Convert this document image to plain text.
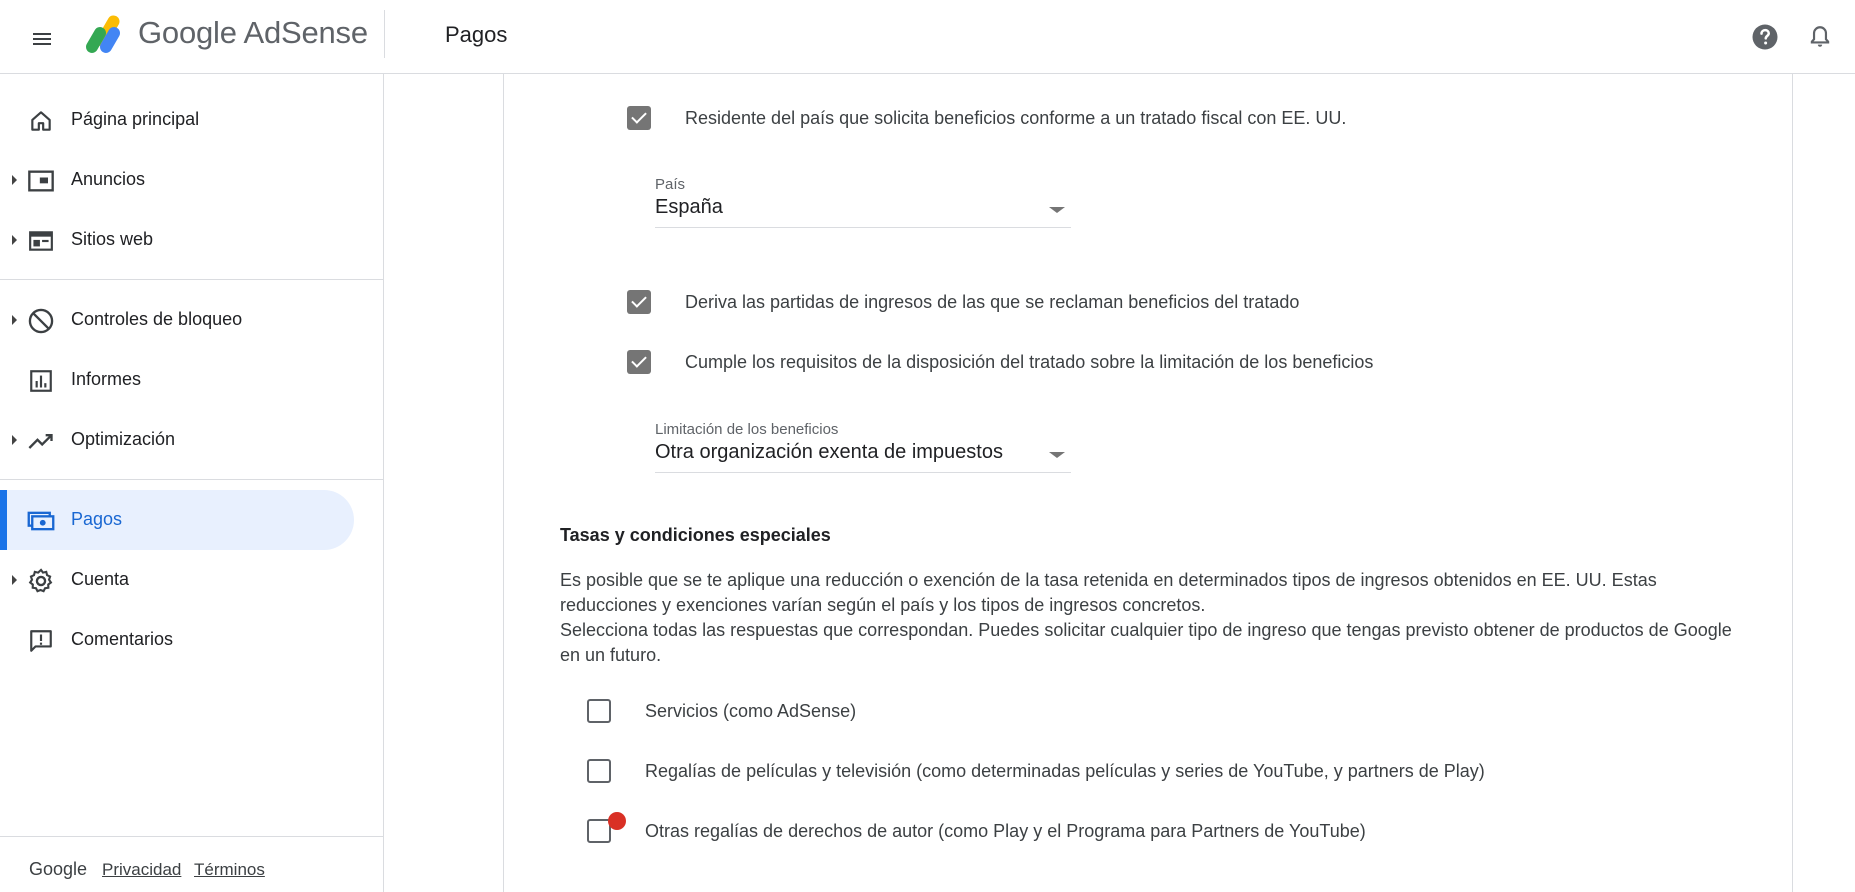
Google AdSense	Pagos
Página principal
Anuncios
Sitios web
Controles de bloqueo
Informes
Optimización
Pagos
Cuenta
Comentarios
Google Privacidad Términos
Residente del país que solicita beneficios conforme a un tratado fiscal con EE. UU.
País
España
Deriva las partidas de ingresos de las que se reclaman beneficios del tratado
Cumple los requisitos de la disposición del tratado sobre la limitación de los beneficios
Limitación de los beneficios
Otra organización exenta de impuestos
Tasas y condiciones especiales
Es posible que se te aplique una reducción o exención de la tasa retenida en determinados tipos de ingresos obtenidos en EE. UU. Estas reducciones y exenciones varían según el país y los tipos de ingresos concretos.
Selecciona todas las respuestas que correspondan. Puedes solicitar cualquier tipo de ingreso que tengas previsto obtener de productos de Google en un futuro.
Servicios (como AdSense)
Regalías de películas y televisión (como determinadas películas y series de YouTube, y partners de Play)
Otras regalías de derechos de autor (como Play y el Programa para Partners de YouTube)
